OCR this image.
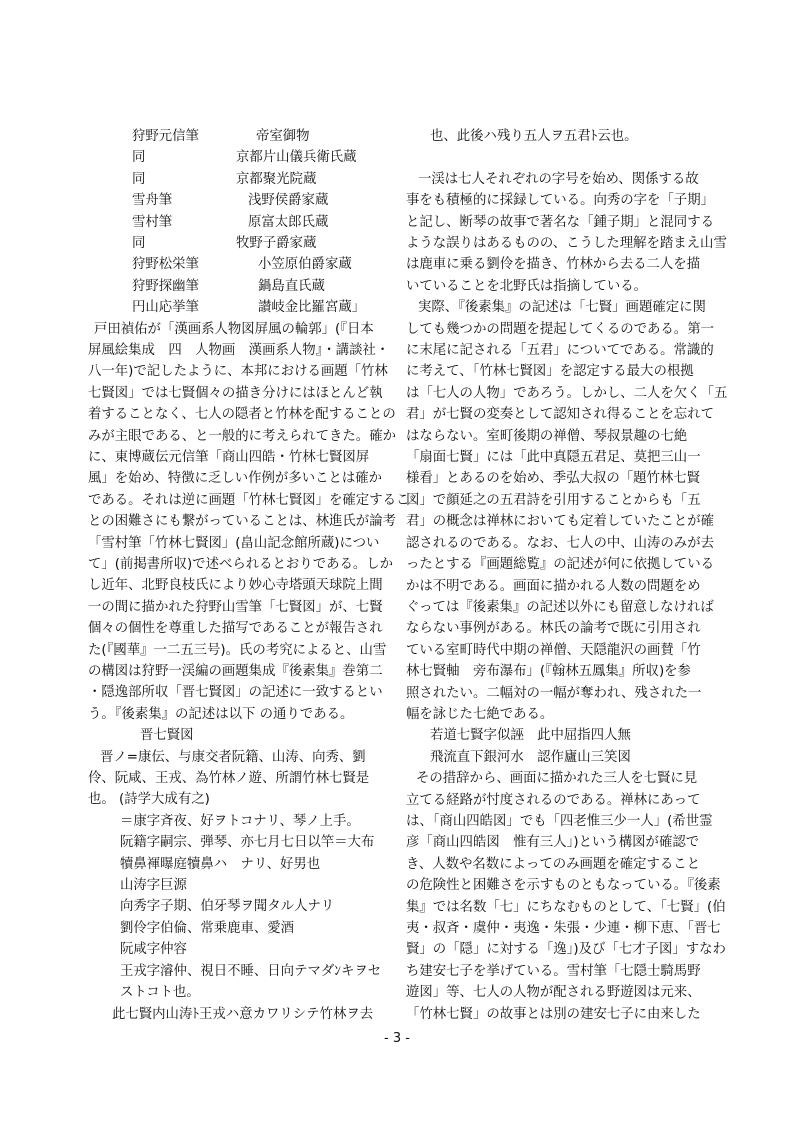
狩野元信筆	帝室御物
同	京都片山儀兵衛氏蔵
同	京都聚光院蔵
雪舟筆	浅野侯爵家蔵
雪村筆	原富太郎氏蔵
同	牧野子爵家蔵
狩野松栄筆	小笠原伯爵家蔵
狩野探幽筆	鍋島直氏蔵
円山応挙筆	讃岐金比羅宮蔵」

戸田禎佑が「漢画系人物図屏風の輪郭」(『日本

屏風絵集成　四　人物画　漢画系人物』・講談社・

八一年)で記したように、本邦における画題「竹林

七賢図」では七賢個々の描き分けにはほとんど執

着することなく、七人の隠者と竹林を配することの

みが主眼である、と一般的に考えられてきた。確か

に、東博蔵伝元信筆「商山四皓・竹林七賢図屏

風」を始め、特徴に乏しい作例が多いことは確か

である。それは逆に画題「竹林七賢図」を確定するこ

との困難さにも繋がっていることは、林進氏が論考

「雪村筆「竹林七賢図」(畠山記念館所蔵)につい

て」(前掲書所収)で述べられるとおりである。しか

し近年、北野良枝氏により妙心寺塔頭天球院上間

一の間に描かれた狩野山雪筆「七賢図」が、七賢

個々の個性を尊重した描写であることが報告され

た(『國華』一二五三号)。氏の考究によると、山雪

の構図は狩野一渓編の画題集成『後素集』巻第二

・隠逸部所収「晋七賢図」の記述に一致するとい

う。『後素集』の記述は以下 の通りである。

晋七賢図

晋ノ=康伝、与康交者阮籍、山涛、向秀、劉

伶、阮咸、王戎、為竹林ノ遊、所謂竹林七賢是

也。 (詩学大成有之)

＝康字斉夜、好ヲトコナリ、琴ノ上手。

阮籍字嗣宗、弾琴、亦七月七日以竿＝大布

犢鼻褌曝庭犢鼻ハ　ナリ、好男也

山涛字巨源

向秀字子期、伯牙琴ヲ聞タル人ナリ

劉伶字伯倫、常乗鹿車、愛酒

阮咸字仲容

王戎字濬仲、視日不睡、日向テマダﾝキヲセ

ストコト也。

此七賢内山涛ﾄ王戎ハ意カワリシテ竹林ヲ去

也、此後ハ残り五人ヲ五君ﾄ云也。

一渓は七人それぞれの字号を始め、関係する故

事をも積極的に採録している。向秀の字を「子期」

と記し、断琴の故事で著名な「鍾子期」と混同する

ような誤りはあるものの、こうした理解を踏まえ山雪

は鹿車に乗る劉伶を描き、竹林から去る二人を描

いていることを北野氏は指摘している。

実際、『後素集』の記述は「七賢」画題確定に関

しても幾つかの問題を提起してくるのである。第一

に末尾に記される「五君」についてである。常識的

に考えて、「竹林七賢図」を認定する最大の根拠

は「七人の人物」であろう。しかし、二人を欠く「五

君」が七賢の変奏として認知され得ることを忘れて

はならない。室町後期の禅僧、琴叔景趣の七絶

「扇面七賢」には「此中真隠五君足、莫把三山一

様看」とあるのを始め、季弘大叔の「題竹林七賢

図」で顔延之の五君詩を引用することからも「五

君」の概念は禅林においても定着していたことが確

認されるのである。なお、七人の中、山涛のみが去

ったとする『画題総覧』の記述が何に依拠している

かは不明である。画面に描かれる人数の問題をめ

ぐっては『後素集』の記述以外にも留意しなければ

ならない事例がある。林氏の論考で既に引用され

ている室町時代中期の禅僧、天隠龍沢の画賛「竹

林七賢軸　旁布瀑布」(『翰林五鳳集』所収)を参

照されたい。二幅対の一幅が奪われ、残された一

幅を詠じた七絶である。

若道七賢字似誣　此中屈指四人無

飛流直下銀河水　認作廬山三笑図

その措辞から、画面に描かれた三人を七賢に見

立てる経路が忖度されるのである。禅林にあって

は、「商山四皓図」でも「四老惟三少一人」(希世霊

彦「商山四皓図　惟有三人」)という構図が確認で

き、人数や名数によってのみ画題を確定すること

の危険性と困難さを示すものともなっている。『後素

集』では名数「七」にちなむものとして、「七賢」(伯

夷・叔斉・虞仲・夷逸・朱張・少連・柳下恵、「晋七

賢」の「隠」に対する「逸」)及び「七才子図」すなわ

ち建安七子を挙げている。雪村筆「七隠士騎馬野

遊図」等、七人の人物が配される野遊図は元来、

「竹林七賢」の故事とは別の建安七子に由来した

- 3 -
